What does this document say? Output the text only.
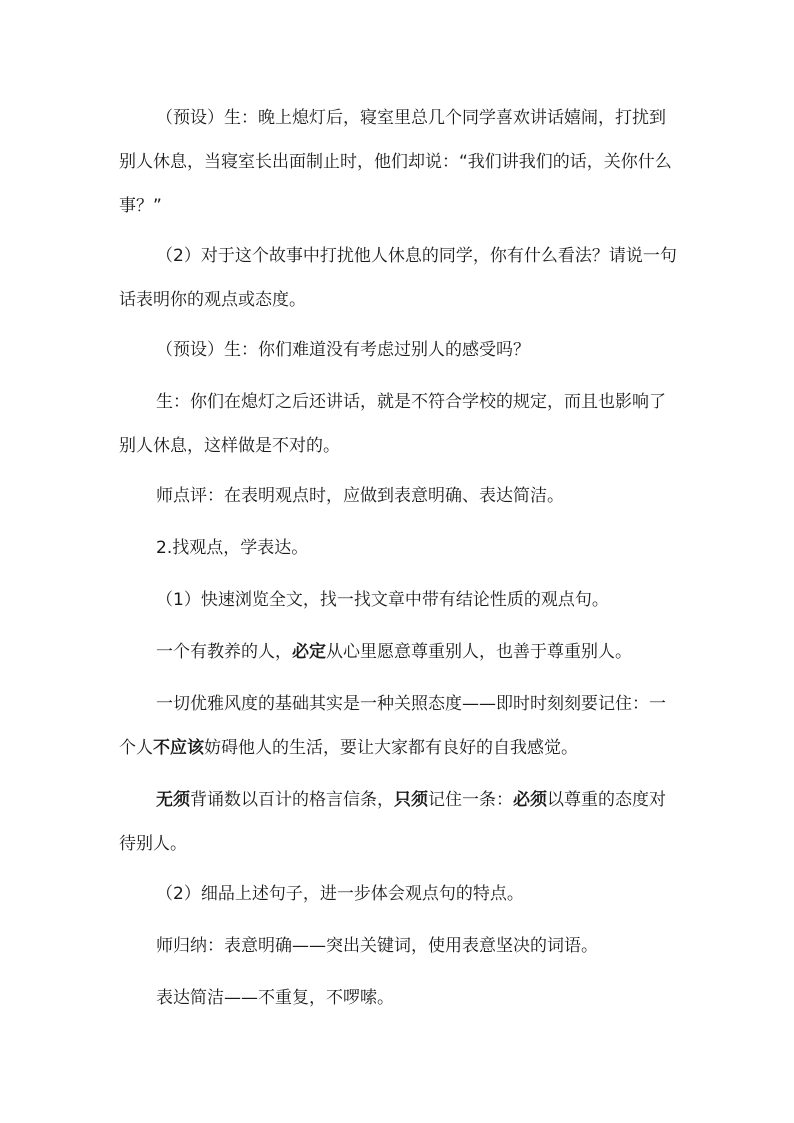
（预设）生：晚上熄灯后，寝室里总几个同学喜欢讲话嬉闹，打扰到别人休息，当寝室长出面制止时，他们却说：“我们讲我们的话，关你什么事？”

（2）对于这个故事中打扰他人休息的同学，你有什么看法？请说一句话表明你的观点或态度。

（预设）生：你们难道没有考虑过别人的感受吗？

生：你们在熄灯之后还讲话，就是不符合学校的规定，而且也影响了别人休息，这样做是不对的。

师点评：在表明观点时，应做到表意明确、表达简洁。

2.找观点，学表达。

（1）快速浏览全文，找一找文章中带有结论性质的观点句。

一个有教养的人，必定从心里愿意尊重别人，也善于尊重别人。

一切优雅风度的基础其实是一种关照态度——即时时刻刻要记住：一个人不应该妨碍他人的生活，要让大家都有良好的自我感觉。

无须背诵数以百计的格言信条，只须记住一条：必须以尊重的态度对待别人。

（2）细品上述句子，进一步体会观点句的特点。

师归纳：表意明确——突出关键词，使用表意坚决的词语。

表达简洁——不重复，不啰嗦。
